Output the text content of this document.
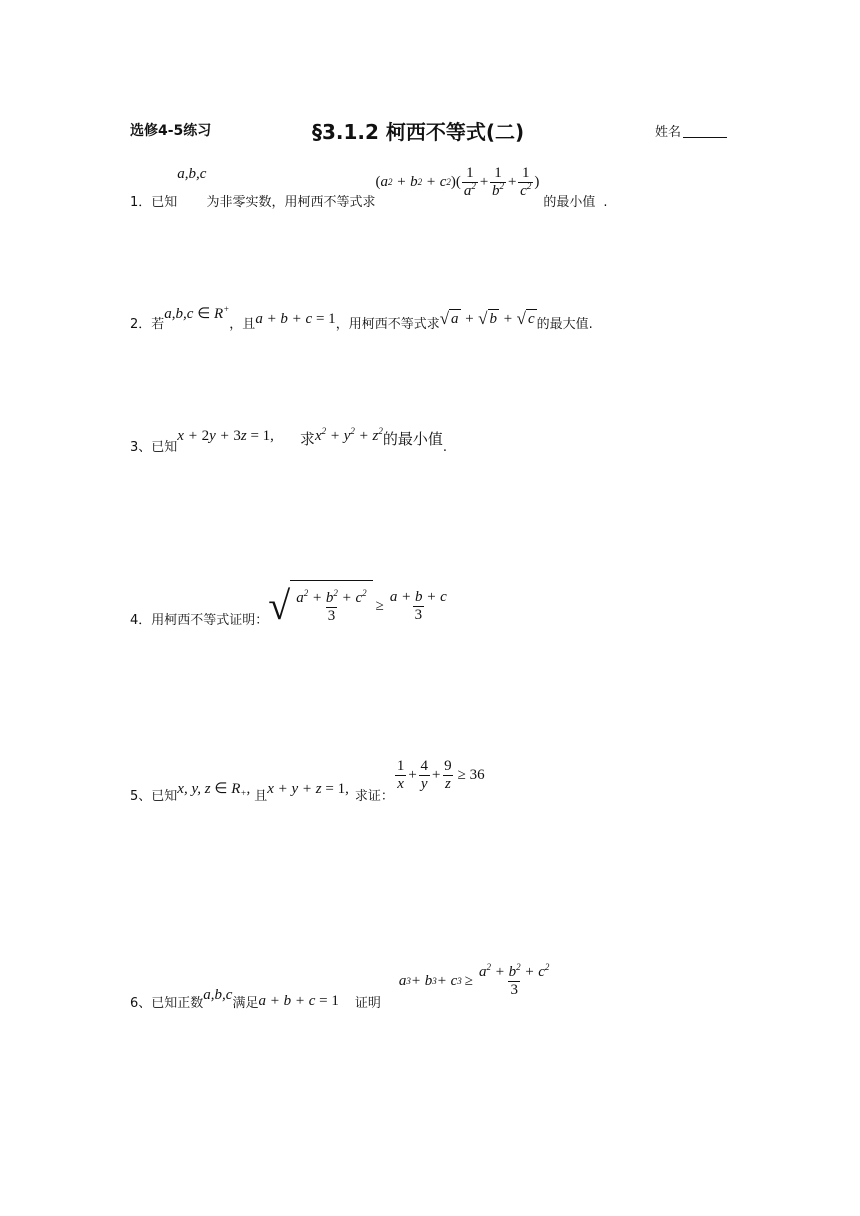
选修4-5练习	§3.1.2 柯西不等式(二)	姓名
1． 已知
a,b,c
为非零实数，用柯西不等式求
( a 2 + b 2 + c 2 )( $\frac{1}{a^2} + \frac{1}{b^2} + \frac{1}{c^2}$ )
的最小值 .
2． 若
a,b,c ∈ R+
，且 a + b + c = 1 ，用柯西不等式求 √ a + √ b + √ c 的最大值.
3、 已知
x + 2y + 3z = 1, 求 $x^2 + y^2 + z^2$ 的最小值 .
4． 用柯西不等式证明： √ $\frac{a^2 + b^2 + c^2}{3} \ge \frac{a + b + c}{3}$
5、 已知 x, y, z ∈ $R_+$, 且 x + y + z = 1, 求证：
$\frac{1}{x} + \frac{4}{y} + \frac{9}{z} \ge 36$
6、 已知正数
a,b,c
满足 a + b + c = 1 证明
a 3 + b 3 + c $3 \ge \frac{a^2 + b^2 + c^2}{3}$
